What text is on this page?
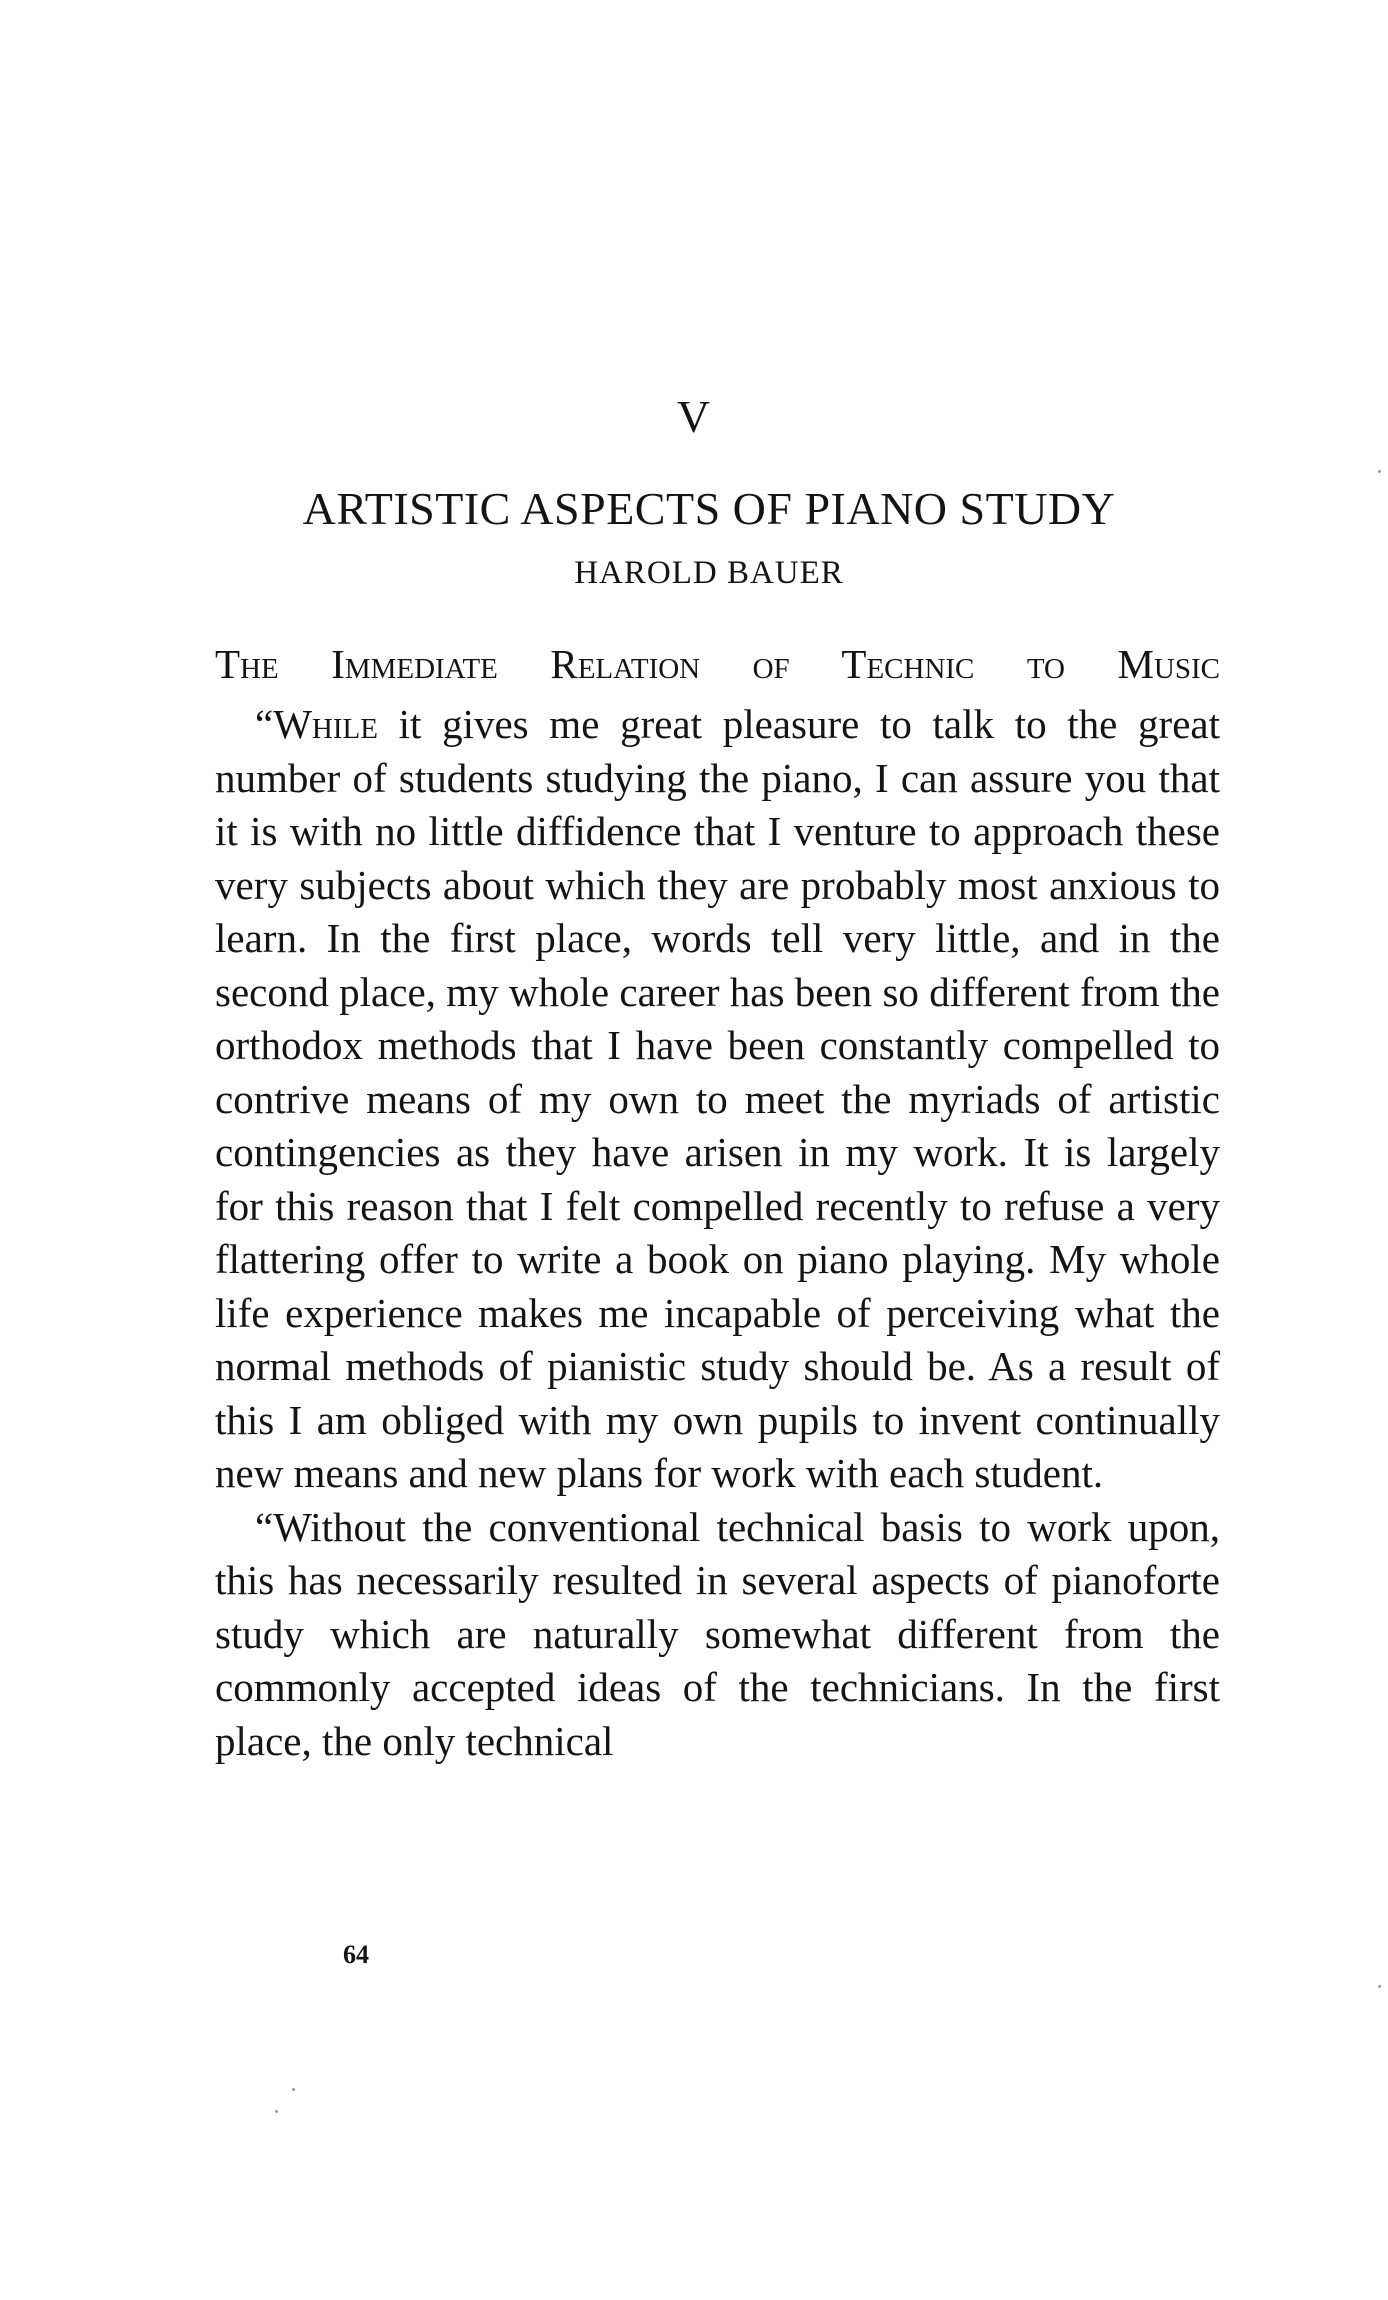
V
ARTISTIC ASPECTS OF PIANO STUDY
HAROLD BAUER
The Immediate Relation of Technic to Music

“While it gives me great pleasure to talk to the great number of students studying the piano, I can assure you that it is with no little diffidence that I venture to approach these very subjects about which they are probably most anxious to learn. In the first place, words tell very little, and in the second place, my whole career has been so different from the orthodox methods that I have been constantly compelled to contrive means of my own to meet the myriads of artistic contingencies as they have arisen in my work. It is largely for this reason that I felt compelled recently to refuse a very flattering offer to write a book on piano playing. My whole life experience makes me incapable of perceiving what the normal methods of pianistic study should be. As a result of this I am obliged with my own pupils to invent continually new means and new plans for work with each student.

“Without the conventional technical basis to work upon, this has necessarily resulted in several aspects of pianoforte study which are naturally somewhat different from the commonly accepted ideas of the technicians. In the first place, the only technical

64
